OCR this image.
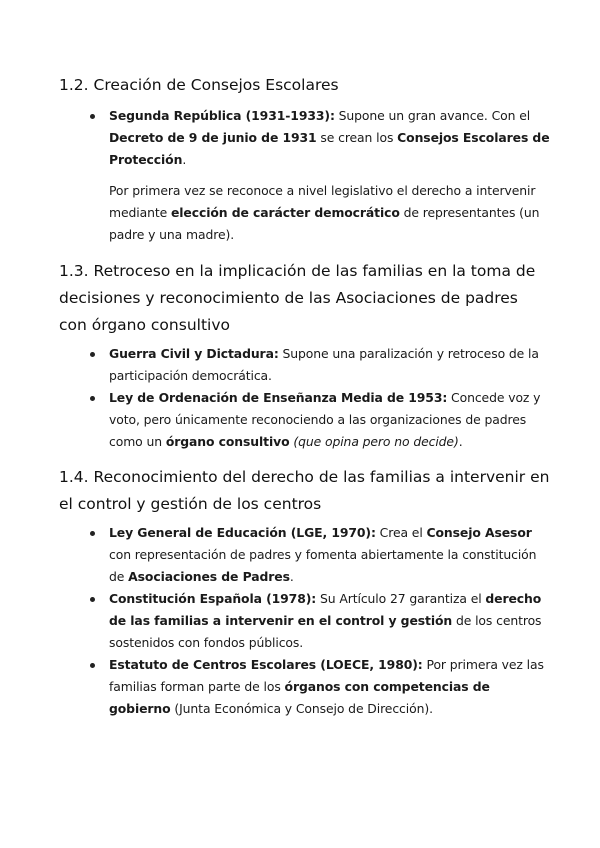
1.2. Creación de Consejos Escolares
Segunda República (1931-1933): Supone un gran avance. Con el Decreto de 9 de junio de 1931 se crean los Consejos Escolares de Protección.
Por primera vez se reconoce a nivel legislativo el derecho a intervenir mediante elección de carácter democrático de representantes (un padre y una madre).
1.3. Retroceso en la implicación de las familias en la toma de decisiones y reconocimiento de las Asociaciones de padres con órgano consultivo
Guerra Civil y Dictadura: Supone una paralización y retroceso de la participación democrática.
Ley de Ordenación de Enseñanza Media de 1953: Concede voz y voto, pero únicamente reconociendo a las organizaciones de padres como un órgano consultivo (que opina pero no decide).
1.4. Reconocimiento del derecho de las familias a intervenir en el control y gestión de los centros
Ley General de Educación (LGE, 1970): Crea el Consejo Asesor con representación de padres y fomenta abiertamente la constitución de Asociaciones de Padres.
Constitución Española (1978): Su Artículo 27 garantiza el derecho de las familias a intervenir en el control y gestión de los centros sostenidos con fondos públicos.
Estatuto de Centros Escolares (LOECE, 1980): Por primera vez las familias forman parte de los órganos con competencias de gobierno (Junta Económica y Consejo de Dirección).
